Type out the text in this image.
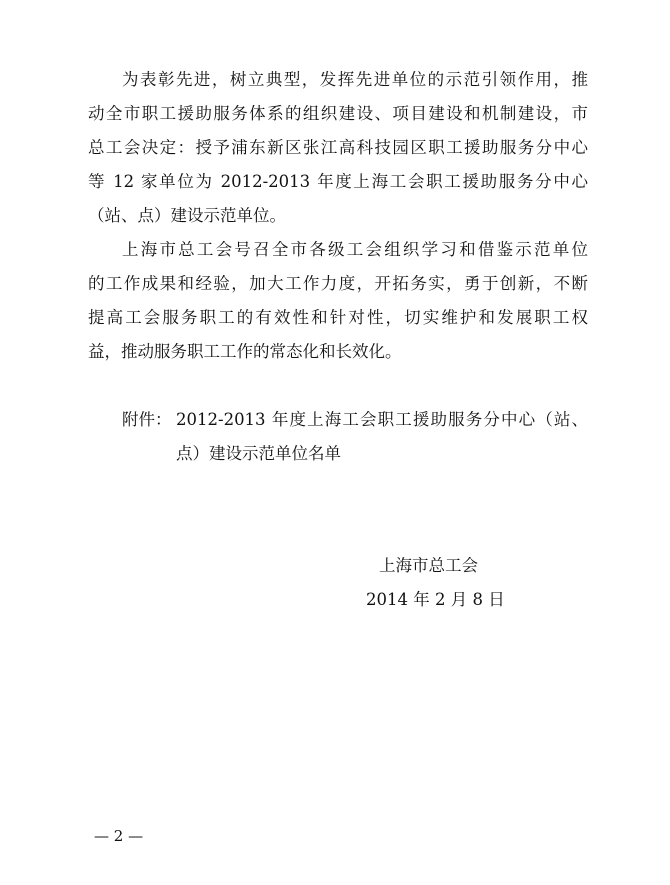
为表彰先进，树立典型，发挥先进单位的示范引领作用，推
动全市职工援助服务体系的组织建设、项目建设和机制建设，市
总工会决定：授予浦东新区张江高科技园区职工援助服务分中心
等 12 家单位为 2012-2013 年度上海工会职工援助服务分中心
（站、点）建设示范单位。
上海市总工会号召全市各级工会组织学习和借鉴示范单位
的工作成果和经验，加大工作力度，开拓务实，勇于创新，不断
提高工会服务职工的有效性和针对性，切实维护和发展职工权
益，推动服务职工工作的常态化和长效化。
附件： 2012-2013 年度上海工会职工援助服务分中心（站、
点）建设示范单位名单
上海市总工会
2014 年 2 月 8 日
— 2 —
